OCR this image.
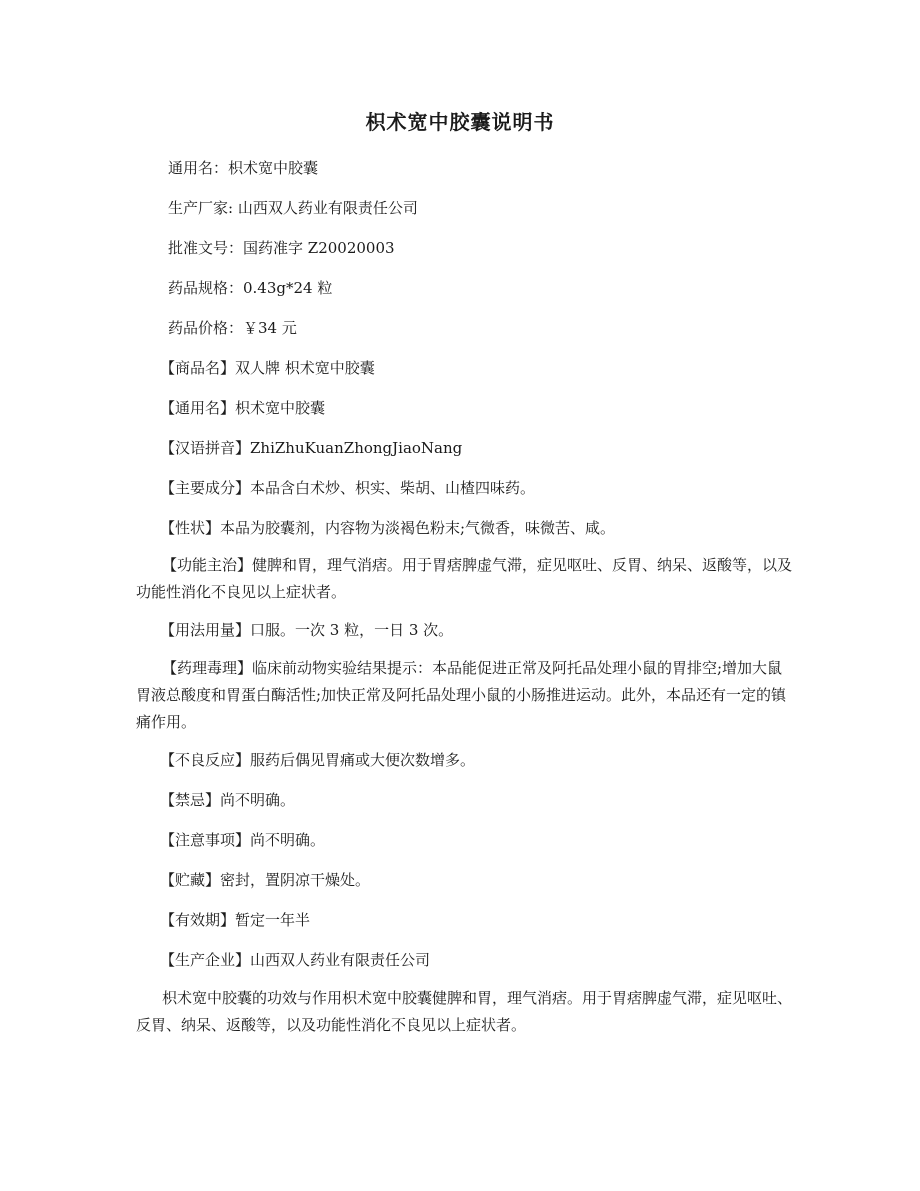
枳术宽中胶囊说明书

通用名：枳术宽中胶囊

生产厂家: 山西双人药业有限责任公司

批准文号：国药准字 Z20020003

药品规格：0.43g*24 粒

药品价格：￥34 元

【商品名】双人牌 枳术宽中胶囊

【通用名】枳术宽中胶囊

【汉语拼音】ZhiZhuKuanZhongJiaoNang

【主要成分】本品含白术炒、枳实、柴胡、山楂四味药。

【性状】本品为胶囊剂，内容物为淡褐色粉末;气微香，味微苦、咸。

【功能主治】健脾和胃，理气消痞。用于胃痞脾虚气滞，症见呕吐、反胃、纳呆、返酸等，以及功能性消化不良见以上症状者。

【用法用量】口服。一次 3 粒，一日 3 次。

【药理毒理】临床前动物实验结果提示：本品能促进正常及阿托品处理小鼠的胃排空;增加大鼠胃液总酸度和胃蛋白酶活性;加快正常及阿托品处理小鼠的小肠推进运动。此外，本品还有一定的镇痛作用。

【不良反应】服药后偶见胃痛或大便次数增多。

【禁忌】尚不明确。

【注意事项】尚不明确。

【贮藏】密封，置阴凉干燥处。

【有效期】暂定一年半

【生产企业】山西双人药业有限责任公司

枳术宽中胶囊的功效与作用枳术宽中胶囊健脾和胃，理气消痞。用于胃痞脾虚气滞，症见呕吐、反胃、纳呆、返酸等，以及功能性消化不良见以上症状者。
